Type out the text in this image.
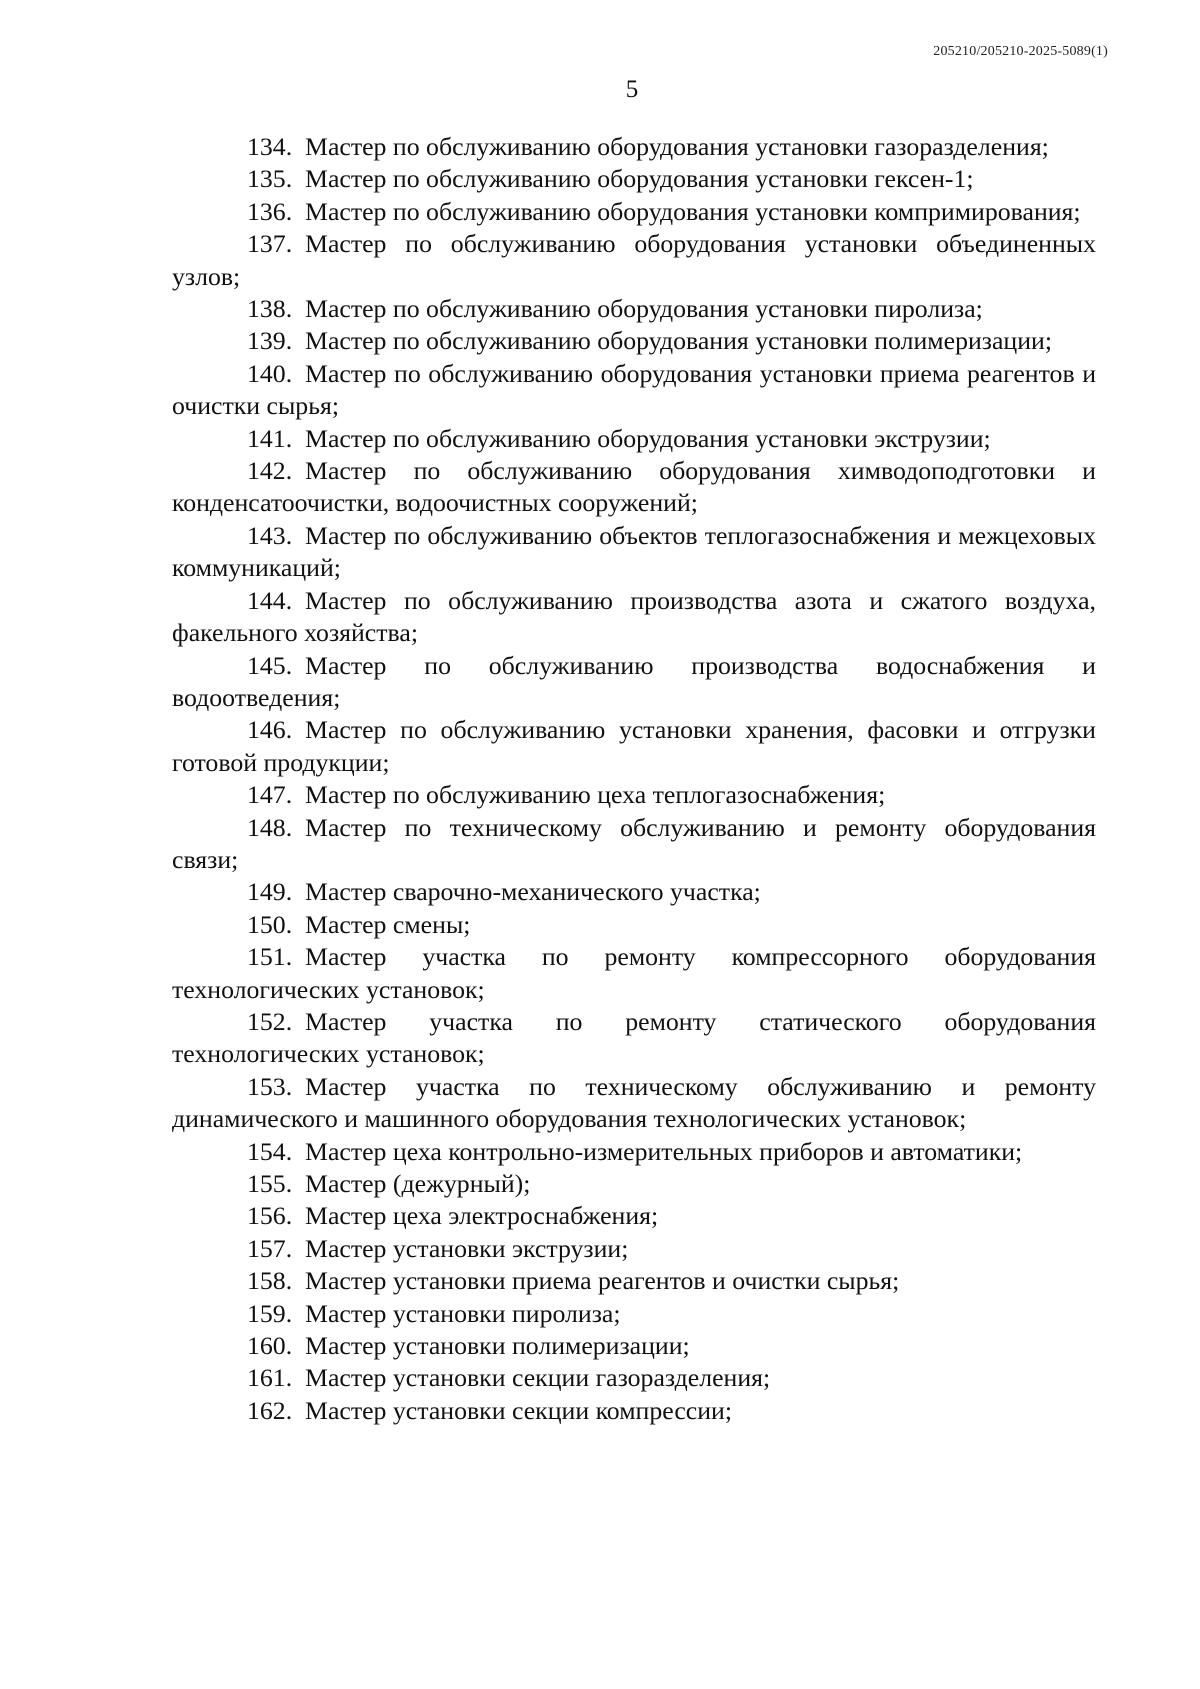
205210/205210-2025-5089(1)
5

134. Мастер по обслуживанию оборудования установки газоразделения;

135. Мастер по обслуживанию оборудования установки гексен-1;

136. Мастер по обслуживанию оборудования установки компримирования;

137. Мастер по обслуживанию оборудования установки объединенных узлов;

138. Мастер по обслуживанию оборудования установки пиролиза;

139. Мастер по обслуживанию оборудования установки полимеризации;

140. Мастер по обслуживанию оборудования установки приема реагентов и очистки сырья;

141. Мастер по обслуживанию оборудования установки экструзии;

142. Мастер по обслуживанию оборудования химводоподготовки и конденсатоочистки, водоочистных сооружений;

143. Мастер по обслуживанию объектов теплогазоснабжения и межцеховых коммуникаций;

144. Мастер по обслуживанию производства азота и сжатого воздуха, факельного хозяйства;

145. Мастер по обслуживанию производства водоснабжения и водоотведения;

146. Мастер по обслуживанию установки хранения, фасовки и отгрузки готовой продукции;

147. Мастер по обслуживанию цеха теплогазоснабжения;

148. Мастер по техническому обслуживанию и ремонту оборудования связи;

149. Мастер сварочно-механического участка;

150. Мастер смены;

151. Мастер участка по ремонту компрессорного оборудования технологических установок;

152. Мастер участка по ремонту статического оборудования технологических установок;

153. Мастер участка по техническому обслуживанию и ремонту динамического и машинного оборудования технологических установок;

154. Мастер цеха контрольно-измерительных приборов и автоматики;

155. Мастер (дежурный);

156. Мастер цеха электроснабжения;

157. Мастер установки экструзии;

158. Мастер установки приема реагентов и очистки сырья;

159. Мастер установки пиролиза;

160. Мастер установки полимеризации;

161. Мастер установки секции газоразделения;

162. Мастер установки секции компрессии;
